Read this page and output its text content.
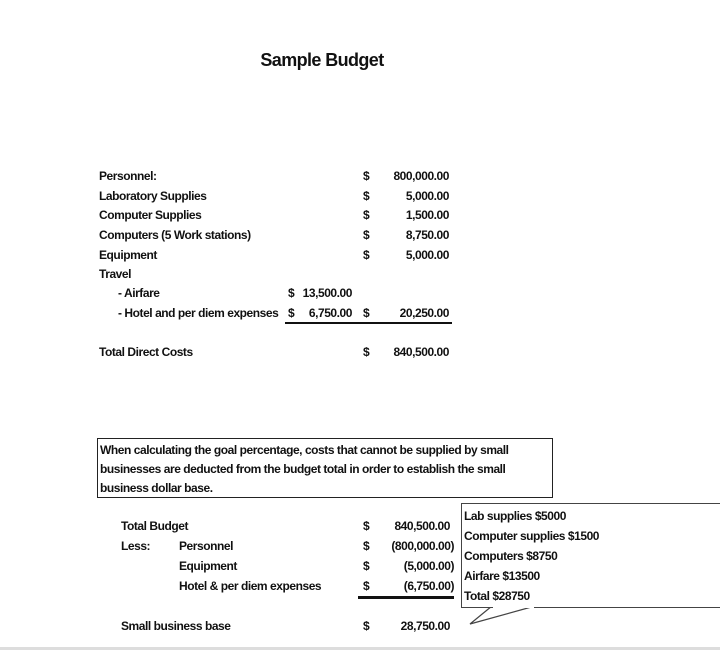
Sample Budget
Personnel:	$ 800,000.00
Laboratory Supplies	$	5,000.00
Computer Supplies	$	1,500.00
Computers (5 Work stations)	$	8,750.00
Equipment	$	5,000.00
Travel
- Airfare	$ 13,500.00
- Hotel and per diem expenses $ 6,750.00 $	20,250.00
Total Direct Costs	$ 840,500.00
When calculating the goal percentage, costs that cannot be supplied by small
businesses are deducted from the budget total in order to establish the small
business dollar base.
Total Budget	$ 840,500.00
Less: Personnel	$ (800,000.00)
Equipment	$	(5,000.00)
Hotel & per diem expenses	$	(6,750.00)
Small business base	$	28,750.00
Lab supplies $5000
Computer supplies $1500
Computers $8750
Airfare $13500
Total $28750
